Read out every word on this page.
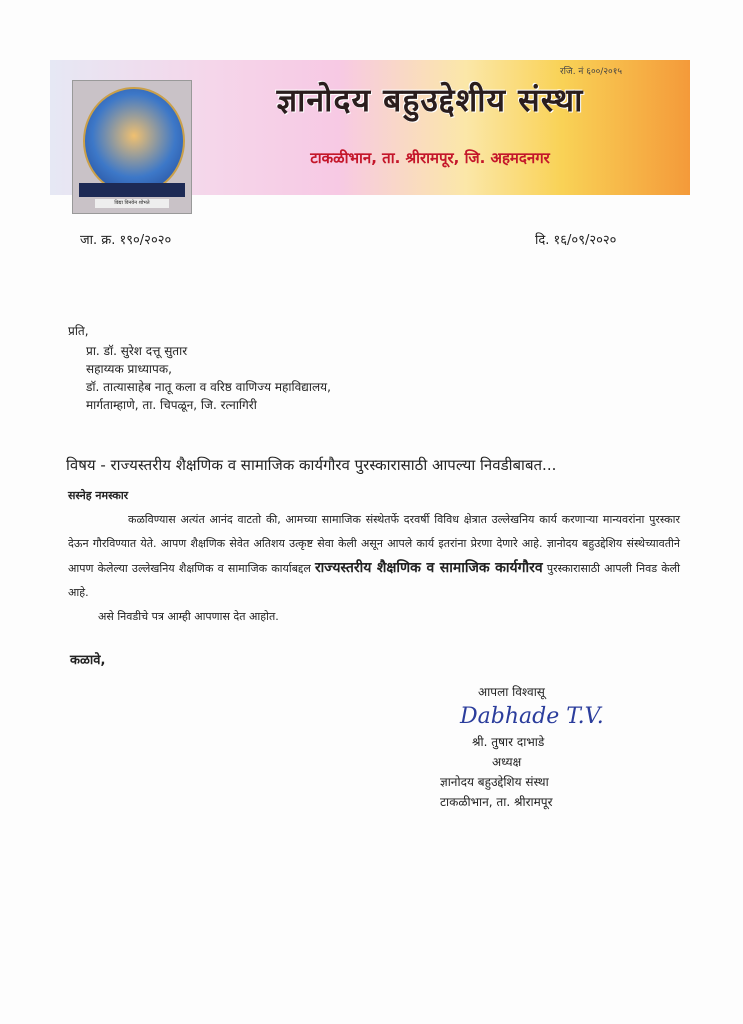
विद्या विनयेन शोभते
रजि. नं ६००/२०१५
ज्ञानोदय बहुउद्देशीय संस्था
टाकळीभान, ता. श्रीरामपूर, जि. अहमदनगर
जा. क्र. १९०/२०२०	दि. १६/०९/२०२०
प्रति,
प्रा. डॉ. सुरेश दत्तू सुतार
सहाय्यक प्राध्यापक,
डॉ. तात्यासाहेब नातू कला व वरिष्ठ वाणिज्य महाविद्यालय,
मार्गताम्हाणे, ता. चिपळून, जि. रत्नागिरी
विषय - राज्यस्तरीय शैक्षणिक व सामाजिक कार्यगौरव पुरस्कारासाठी आपल्या निवडीबाबत...
सस्नेह नमस्कार
कळविण्यास अत्यंत आनंद वाटतो की, आमच्या सामाजिक संस्थेतर्फे दरवर्षी विविध क्षेत्रात उल्लेखनिय कार्य करणाऱ्या मान्यवरांना पुरस्कार देऊन गौरविण्यात येते. आपण शैक्षणिक सेवेत अतिशय उत्कृष्ट सेवा केली असून आपले कार्य इतरांना प्रेरणा देणारे आहे. ज्ञानोदय बहुउद्देशिय संस्थेच्यावतीने आपण केलेल्या उल्लेखनिय शैक्षणिक व सामाजिक कार्याबद्दल राज्यस्तरीय शैक्षणिक व सामाजिक कार्यगौरव पुरस्कारासाठी आपली निवड केली आहे.
असे निवडीचे पत्र आम्ही आपणास देत आहोत.
कळावे,
आपला विश्वासू
Dabhade T.V.
श्री. तुषार दाभाडे
अध्यक्ष
ज्ञानोदय बहुउद्देशिय संस्था
टाकळीभान, ता. श्रीरामपूर
